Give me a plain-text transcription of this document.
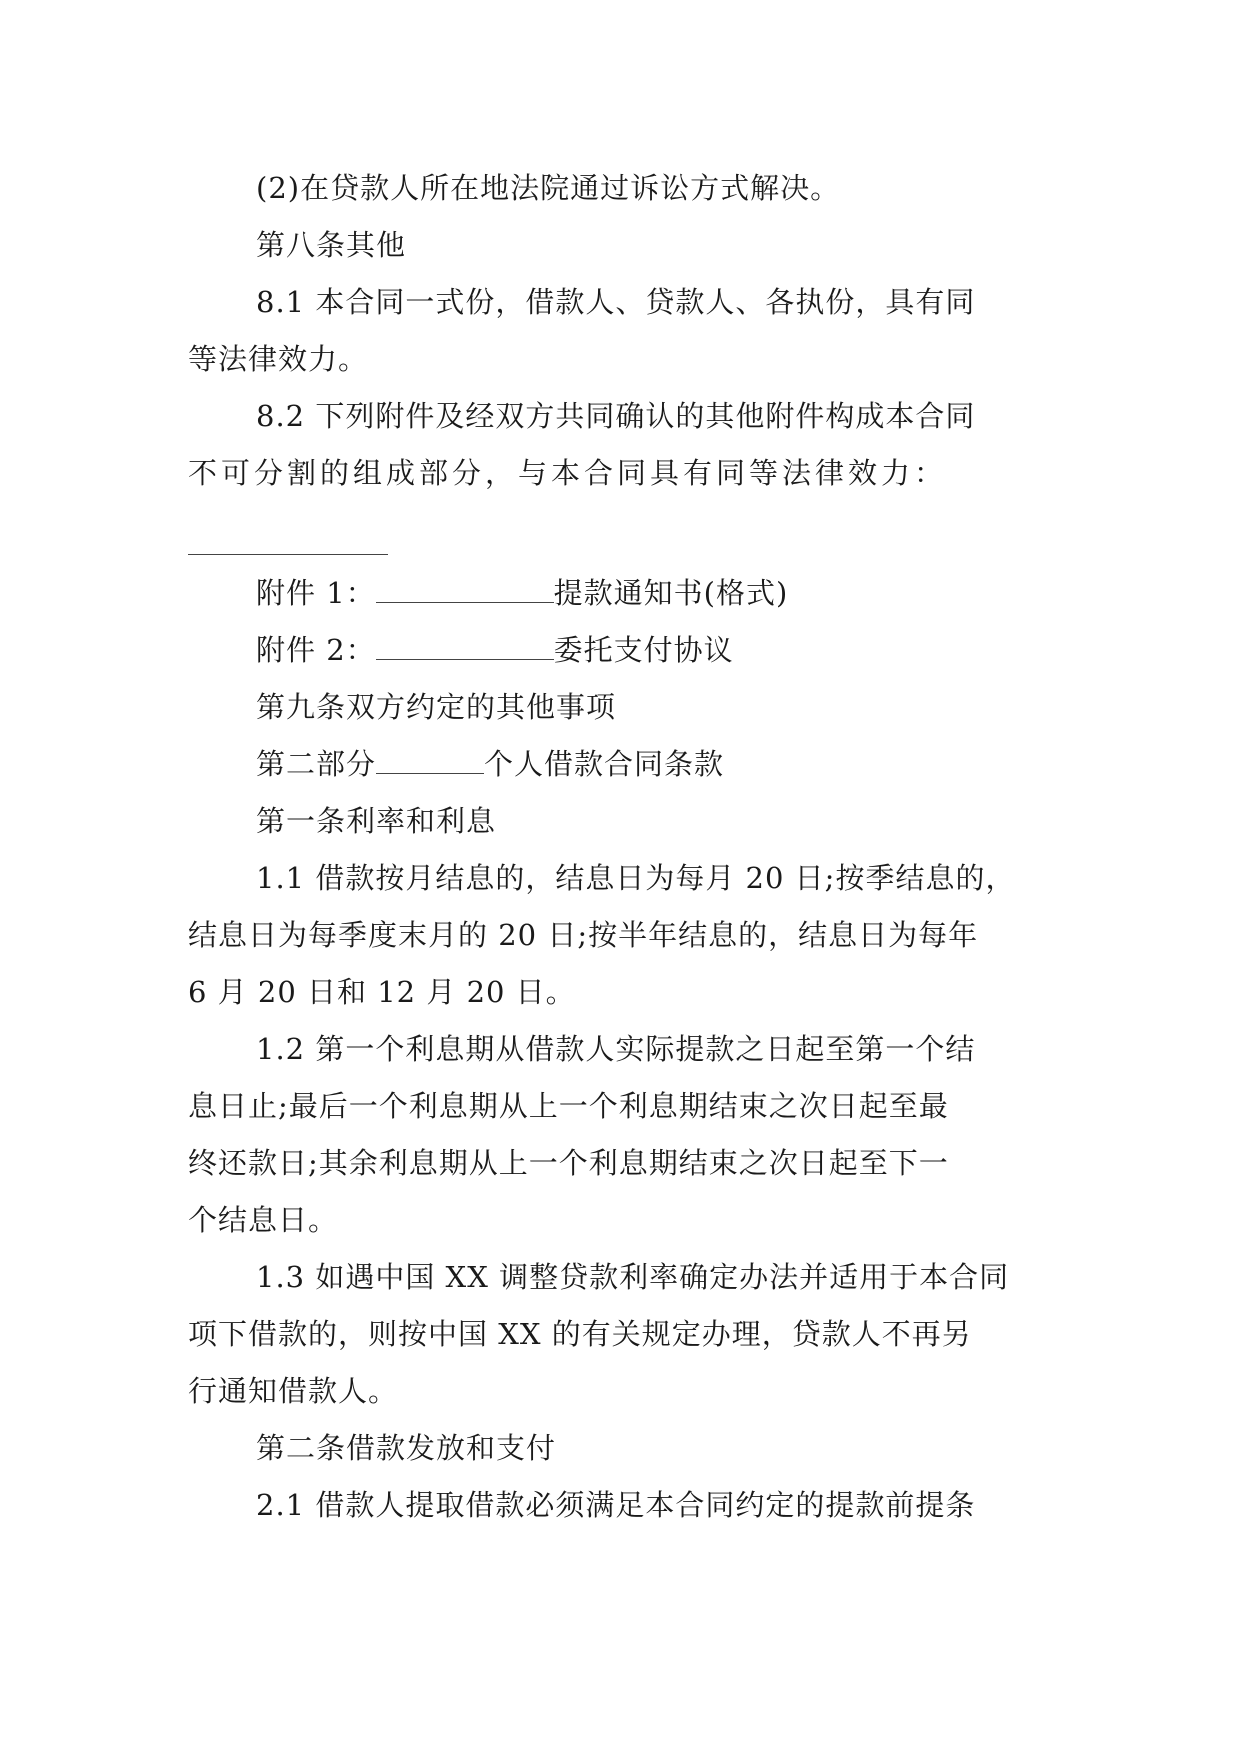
(2)在贷款人所在地法院通过诉讼方式解决。
第八条其他
8.1 本合同一式份，借款人、贷款人、各执份，具有同
等法律效力。
8.2 下列附件及经双方共同确认的其他附件构成本合同
不可分割的组成部分，与本合同具有同等法律效力：
附件 1：	提款通知书(格式)
附件 2：	委托支付协议
第九条双方约定的其他事项
第二部分	个人借款合同条款
第一条利率和利息
1.1 借款按月结息的，结息日为每月 20 日;按季结息的，
结息日为每季度末月的 20 日;按半年结息的，结息日为每年
6 月 20 日和 12 月 20 日。
1.2 第一个利息期从借款人实际提款之日起至第一个结
息日止;最后一个利息期从上一个利息期结束之次日起至最
终还款日;其余利息期从上一个利息期结束之次日起至下一
个结息日。
1.3 如遇中国 XX 调整贷款利率确定办法并适用于本合同
项下借款的，则按中国 XX 的有关规定办理，贷款人不再另
行通知借款人。
第二条借款发放和支付
2.1 借款人提取借款必须满足本合同约定的提款前提条
